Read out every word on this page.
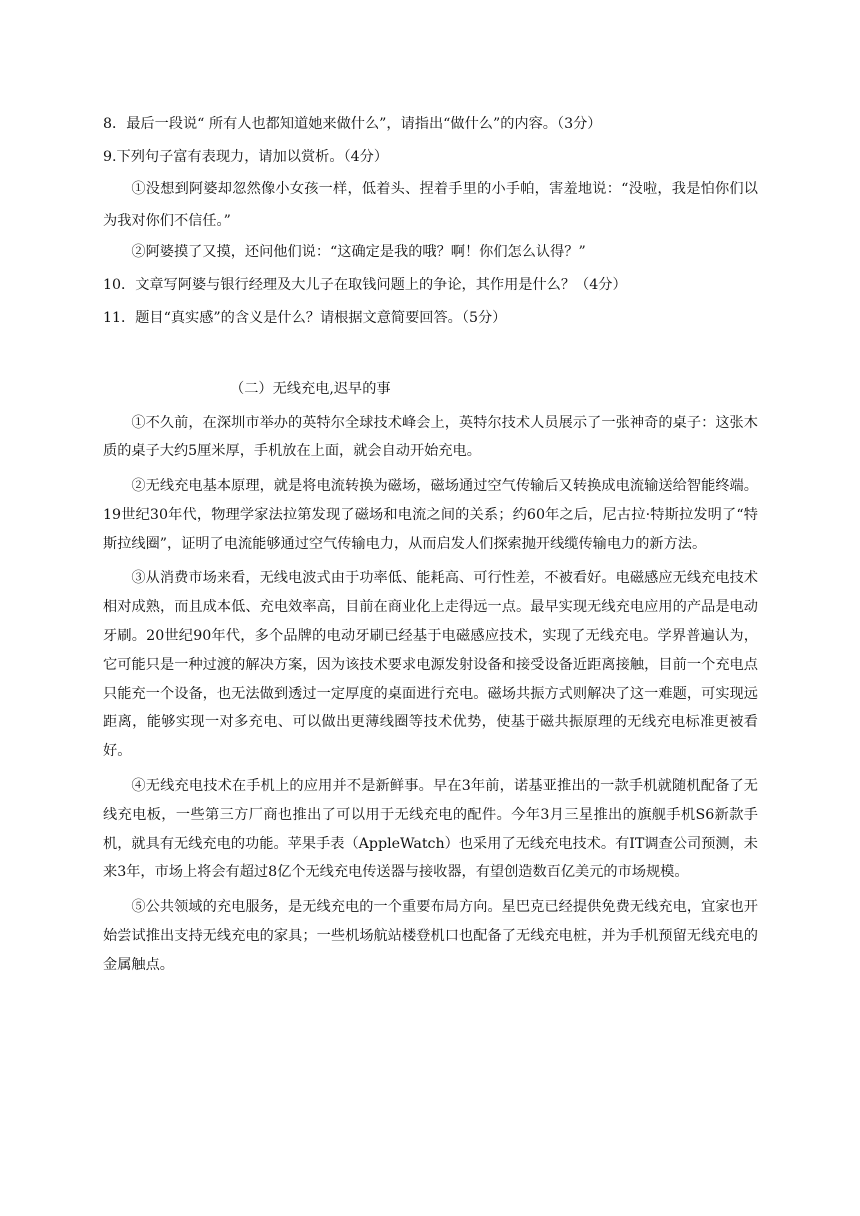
8．最后一段说“ 所有人也都知道她来做什么”，请指出“做什么”的内容。（3分）

9.下列句子富有表现力，请加以赏析。（4分）

①没想到阿婆却忽然像小女孩一样，低着头、捏着手里的小手帕，害羞地说：“没啦，我是怕你们以为我对你们不信任。”

②阿婆摸了又摸，还问他们说：“这确定是我的哦？啊！你们怎么认得？”

10．文章写阿婆与银行经理及大儿子在取钱问题上的争论，其作用是什么？（4分）

11．题目“真实感”的含义是什么？请根据文意简要回答。（5分）

（二）无线充电,迟早的事

①不久前，在深圳市举办的英特尔全球技术峰会上，英特尔技术人员展示了一张神奇的桌子：这张木质的桌子大约5厘米厚，手机放在上面，就会自动开始充电。

②无线充电基本原理，就是将电流转换为磁场，磁场通过空气传输后又转换成电流输送给智能终端。19世纪30年代，物理学家法拉第发现了磁场和电流之间的关系；约60年之后，尼古拉·特斯拉发明了“特斯拉线圈”，证明了电流能够通过空气传输电力，从而启发人们探索抛开线缆传输电力的新方法。

③从消费市场来看，无线电波式由于功率低、能耗高、可行性差，不被看好。电磁感应无线充电技术相对成熟，而且成本低、充电效率高，目前在商业化上走得远一点。最早实现无线充电应用的产品是电动牙刷。20世纪90年代，多个品牌的电动牙刷已经基于电磁感应技术，实现了无线充电。学界普遍认为，它可能只是一种过渡的解决方案，因为该技术要求电源发射设备和接受设备近距离接触，目前一个充电点只能充一个设备，也无法做到透过一定厚度的桌面进行充电。磁场共振方式则解决了这一难题，可实现远距离，能够实现一对多充电、可以做出更薄线圈等技术优势，使基于磁共振原理的无线充电标准更被看好。

④无线充电技术在手机上的应用并不是新鲜事。早在3年前，诺基亚推出的一款手机就随机配备了无线充电板，一些第三方厂商也推出了可以用于无线充电的配件。今年3月三星推出的旗舰手机S6新款手机，就具有无线充电的功能。苹果手表（AppleWatch）也采用了无线充电技术。有IT调查公司预测，未来3年，市场上将会有超过8亿个无线充电传送器与接收器，有望创造数百亿美元的市场规模。

⑤公共领域的充电服务，是无线充电的一个重要布局方向。星巴克已经提供免费无线充电，宜家也开始尝试推出支持无线充电的家具；一些机场航站楼登机口也配备了无线充电桩，并为手机预留无线充电的金属触点。
